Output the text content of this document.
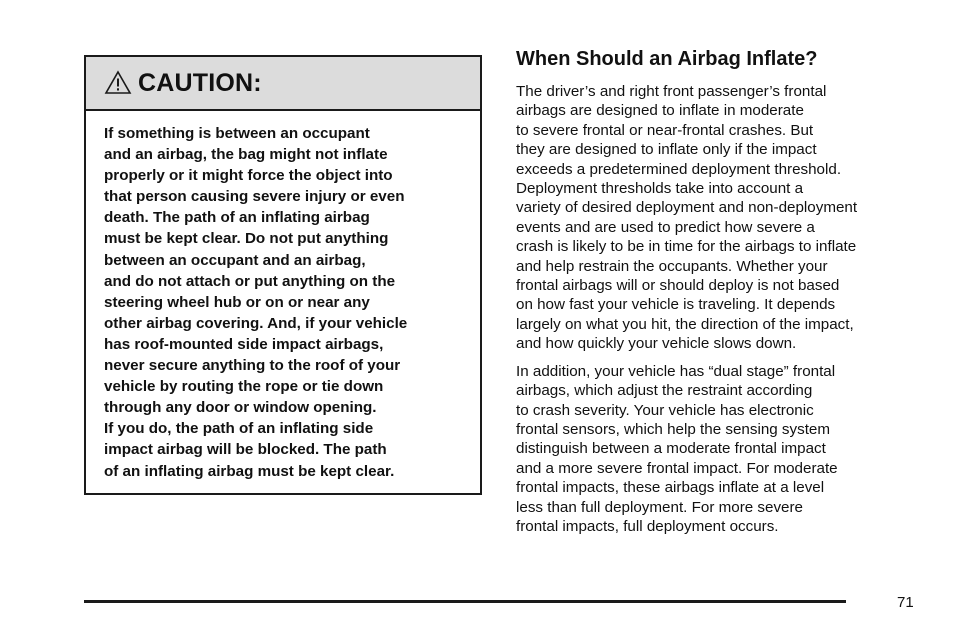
CAUTION:
If something is between an occupant
and an airbag, the bag might not inflate
properly or it might force the object into
that person causing severe injury or even
death. The path of an inflating airbag
must be kept clear. Do not put anything
between an occupant and an airbag,
and do not attach or put anything on the
steering wheel hub or on or near any
other airbag covering. And, if your vehicle
has roof-mounted side impact airbags,
never secure anything to the roof of your
vehicle by routing the rope or tie down
through any door or window opening.
If you do, the path of an inflating side
impact airbag will be blocked. The path
of an inflating airbag must be kept clear.
When Should an Airbag Inflate?
The driver’s and right front passenger’s frontal
airbags are designed to inflate in moderate
to severe frontal or near-frontal crashes. But
they are designed to inflate only if the impact
exceeds a predetermined deployment threshold.
Deployment thresholds take into account a
variety of desired deployment and non-deployment
events and are used to predict how severe a
crash is likely to be in time for the airbags to inflate
and help restrain the occupants. Whether your
frontal airbags will or should deploy is not based
on how fast your vehicle is traveling. It depends
largely on what you hit, the direction of the impact,
and how quickly your vehicle slows down.
In addition, your vehicle has “dual stage” frontal
airbags, which adjust the restraint according
to crash severity. Your vehicle has electronic
frontal sensors, which help the sensing system
distinguish between a moderate frontal impact
and a more severe frontal impact. For moderate
frontal impacts, these airbags inflate at a level
less than full deployment. For more severe
frontal impacts, full deployment occurs.
71
